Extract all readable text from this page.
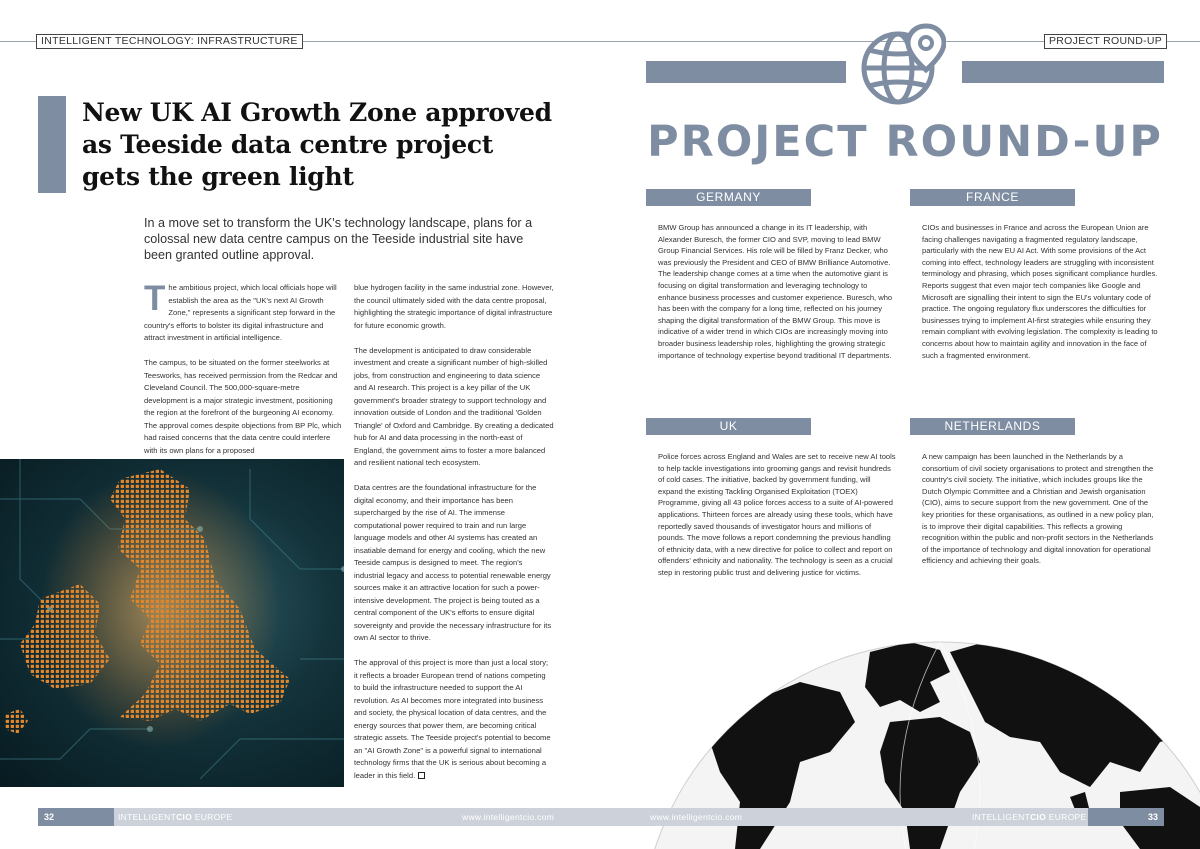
INTELLIGENT TECHNOLOGY: INFRASTRUCTURE
New UK AI Growth Zone approved as Teeside data centre project gets the green light

In a move set to transform the UK's technology landscape, plans for a colossal new data centre campus on the Teeside industrial site have been granted outline approval.

The ambitious project, which local officials hope will establish the area as the "UK's next AI Growth Zone," represents a significant step forward in the country's efforts to bolster its digital infrastructure and attract investment in artificial intelligence.

The campus, to be situated on the former steelworks at Teesworks, has received permission from the Redcar and Cleveland Council. The 500,000-square-metre development is a major strategic investment, positioning the region at the forefront of the burgeoning AI economy. The approval comes despite objections from BP Plc, which had raised concerns that the data centre could interfere with its own plans for a proposed

blue hydrogen facility in the same industrial zone. However, the council ultimately sided with the data centre proposal, highlighting the strategic importance of digital infrastructure for future economic growth.

The development is anticipated to draw considerable investment and create a significant number of high-skilled jobs, from construction and engineering to data science and AI research. This project is a key pillar of the UK government's broader strategy to support technology and innovation outside of London and the traditional 'Golden Triangle' of Oxford and Cambridge. By creating a dedicated hub for AI and data processing in the north-east of England, the government aims to foster a more balanced and resilient national tech ecosystem.

Data centres are the foundational infrastructure for the digital economy, and their importance has been supercharged by the rise of AI. The immense computational power required to train and run large language models and other AI systems has created an insatiable demand for energy and cooling, which the new Teeside campus is designed to meet. The region's industrial legacy and access to potential renewable energy sources make it an attractive location for such a power-intensive development. The project is being touted as a central component of the UK's efforts to ensure digital sovereignty and provide the necessary infrastructure for its own AI sector to thrive.

The approval of this project is more than just a local story; it reflects a broader European trend of nations competing to build the infrastructure needed to support the AI revolution. As AI becomes more integrated into business and society, the physical location of data centres, and the energy sources that power them, are becoming critical strategic assets. The Teeside project's potential to become an "AI Growth Zone" is a powerful signal to international technology firms that the UK is serious about becoming a leader in this field.

PROJECT ROUND-UP
PROJECT ROUND-UP
GERMANY
BMW Group has announced a change in its IT leadership, with Alexander Buresch, the former CIO and SVP, moving to lead BMW Group Financial Services. His role will be filled by Franz Decker, who was previously the President and CEO of BMW Brilliance Automotive. The leadership change comes at a time when the automotive giant is focusing on digital transformation and leveraging technology to enhance business processes and customer experience. Buresch, who has been with the company for a long time, reflected on his journey shaping the digital transformation of the BMW Group. This move is indicative of a wider trend in which CIOs are increasingly moving into broader business leadership roles, highlighting the growing strategic importance of technology expertise beyond traditional IT departments.
FRANCE
CIOs and businesses in France and across the European Union are facing challenges navigating a fragmented regulatory landscape, particularly with the new EU AI Act. With some provisions of the Act coming into effect, technology leaders are struggling with inconsistent terminology and phrasing, which poses significant compliance hurdles. Reports suggest that even major tech companies like Google and Microsoft are signalling their intent to sign the EU's voluntary code of practice. The ongoing regulatory flux underscores the difficulties for businesses trying to implement AI-first strategies while ensuring they remain compliant with evolving legislation. The complexity is leading to concerns about how to maintain agility and innovation in the face of such a fragmented environment.
UK
Police forces across England and Wales are set to receive new AI tools to help tackle investigations into grooming gangs and revisit hundreds of cold cases. The initiative, backed by government funding, will expand the existing Tackling Organised Exploitation (TOEX) Programme, giving all 43 police forces access to a suite of AI-powered applications. Thirteen forces are already using these tools, which have reportedly saved thousands of investigator hours and millions of pounds. The move follows a report condemning the previous handling of ethnicity data, with a new directive for police to collect and report on offenders' ethnicity and nationality. The technology is seen as a crucial step in restoring public trust and delivering justice for victims.
NETHERLANDS
A new campaign has been launched in the Netherlands by a consortium of civil society organisations to protect and strengthen the country's civil society. The initiative, which includes groups like the Dutch Olympic Committee and a Christian and Jewish organisation (CIO), aims to secure support from the new government. One of the key priorities for these organisations, as outlined in a new policy plan, is to improve their digital capabilities. This reflects a growing recognition within the public and non-profit sectors in the Netherlands of the importance of technology and digital innovation for operational efficiency and achieving their goals.
32	INTELLIGENTCIO EUROPE	www.intelligentcio.com	www.intelligentcio.com	INTELLIGENTCIO EUROPE	33
